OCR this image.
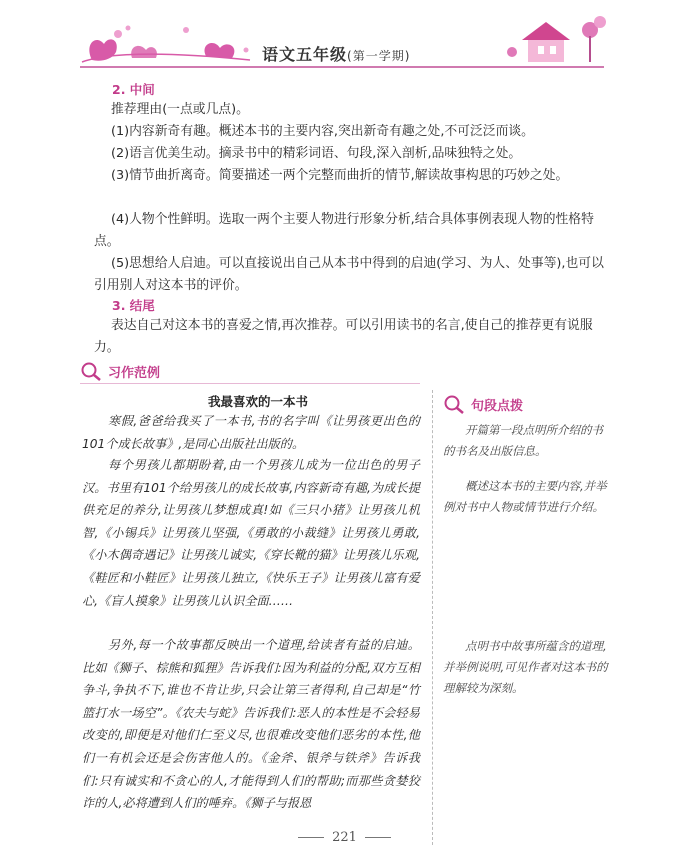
语文五年级(第一学期)
2. 中间

推荐理由(一点或几点)。

(1)内容新奇有趣。概述本书的主要内容,突出新奇有趣之处,不可泛泛而谈。

(2)语言优美生动。摘录书中的精彩词语、句段,深入剖析,品味独特之处。

(3)情节曲折离奇。简要描述一两个完整而曲折的情节,解读故事构思的巧妙之处。

(4)人物个性鲜明。选取一两个主要人物进行形象分析,结合具体事例表现人物的性格特点。

(5)思想给人启迪。可以直接说出自己从本书中得到的启迪(学习、为人、处事等),也可以引用别人对这本书的评价。

3. 结尾

表达自己对这本书的喜爱之情,再次推荐。可以引用读书的名言,使自己的推荐更有说服力。

习作范例
我最喜欢的一本书

寒假,爸爸给我买了一本书,书的名字叫《让男孩更出色的101个成长故事》,是同心出版社出版的。

每个男孩儿都期盼着,由一个男孩儿成为一位出色的男子汉。书里有101个给男孩儿的成长故事,内容新奇有趣,为成长提供充足的养分,让男孩儿梦想成真!如《三只小猪》让男孩儿机智,《小锡兵》让男孩儿坚强,《勇敢的小裁缝》让男孩儿勇敢,《小木偶奇遇记》让男孩儿诚实,《穿长靴的猫》让男孩儿乐观,《鞋匠和小鞋匠》让男孩儿独立,《快乐王子》让男孩儿富有爱心,《盲人摸象》让男孩儿认识全面……

另外,每一个故事都反映出一个道理,给读者有益的启迪。比如《狮子、棕熊和狐狸》告诉我们:因为利益的分配,双方互相争斗,争执不下,谁也不肯让步,只会让第三者得利,自己却是“竹篮打水一场空”。《农夫与蛇》告诉我们:恶人的本性是不会轻易改变的,即便是对他们仁至义尽,也很难改变他们恶劣的本性,他们一有机会还是会伤害他人的。《金斧、银斧与铁斧》告诉我们:只有诚实和不贪心的人,才能得到人们的帮助;而那些贪婪狡诈的人,必将遭到人们的唾弃。《狮子与报恩

句段点拨

开篇第一段点明所介绍的书的书名及出版信息。

概述这本书的主要内容,并举例对书中人物或情节进行介绍。

点明书中故事所蕴含的道理,并举例说明,可见作者对这本书的理解较为深刻。

221
